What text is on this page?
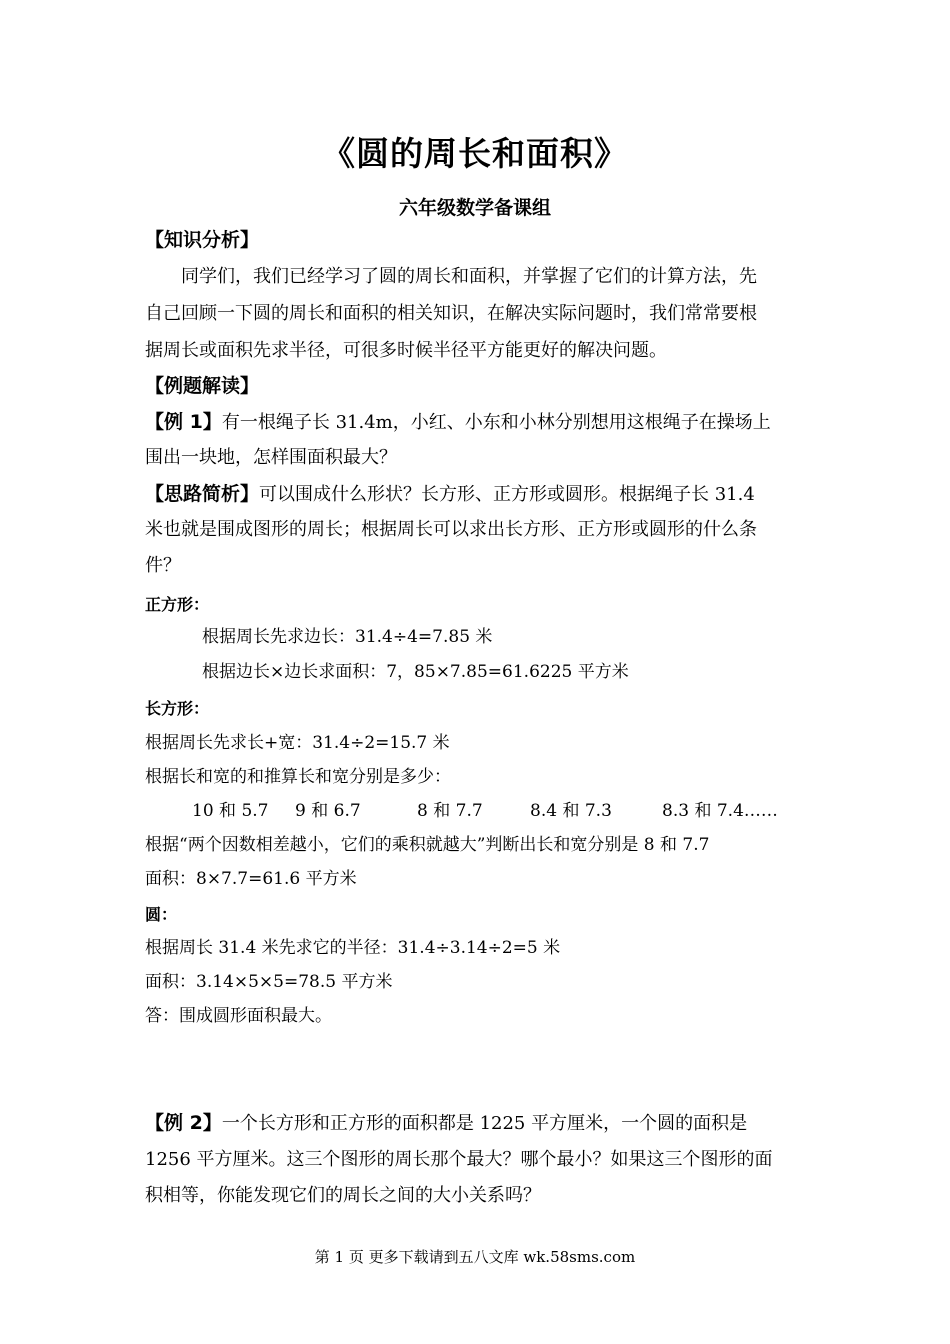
《圆的周长和面积》
六年级数学备课组
【知识分析】
同学们，我们已经学习了圆的周长和面积，并掌握了它们的计算方法，先
自己回顾一下圆的周长和面积的相关知识，在解决实际问题时，我们常常要根
据周长或面积先求半径，可很多时候半径平方能更好的解决问题。
【例题解读】
【例 1】有一根绳子长 31.4m，小红、小东和小林分别想用这根绳子在操场上
围出一块地，怎样围面积最大？
【思路简析】可以围成什么形状？长方形、正方形或圆形。根据绳子长 31.4
米也就是围成图形的周长；根据周长可以求出长方形、正方形或圆形的什么条
件？
正方形：
根据周长先求边长：31.4÷4=7.85 米
根据边长×边长求面积：7，85×7.85=61.6225 平方米
长方形：
根据周长先求长+宽：31.4÷2=15.7 米
根据长和宽的和推算长和宽分别是多少：
10 和 5.7 9 和 6.7	8 和 7.7	8.4 和 7.3	8.3 和 7.4……
根据“两个因数相差越小，它们的乘积就越大”判断出长和宽分别是 8 和 7.7
面积：8×7.7=61.6 平方米
圆：
根据周长 31.4 米先求它的半径：31.4÷3.14÷2=5 米
面积：3.14×5×5=78.5 平方米
答：围成圆形面积最大。
【例 2】一个长方形和正方形的面积都是 1225 平方厘米，一个圆的面积是
1256 平方厘米。这三个图形的周长那个最大？哪个最小？如果这三个图形的面
积相等，你能发现它们的周长之间的大小关系吗？
第 1 页 更多下载请到五八文库 wk.58sms.com
